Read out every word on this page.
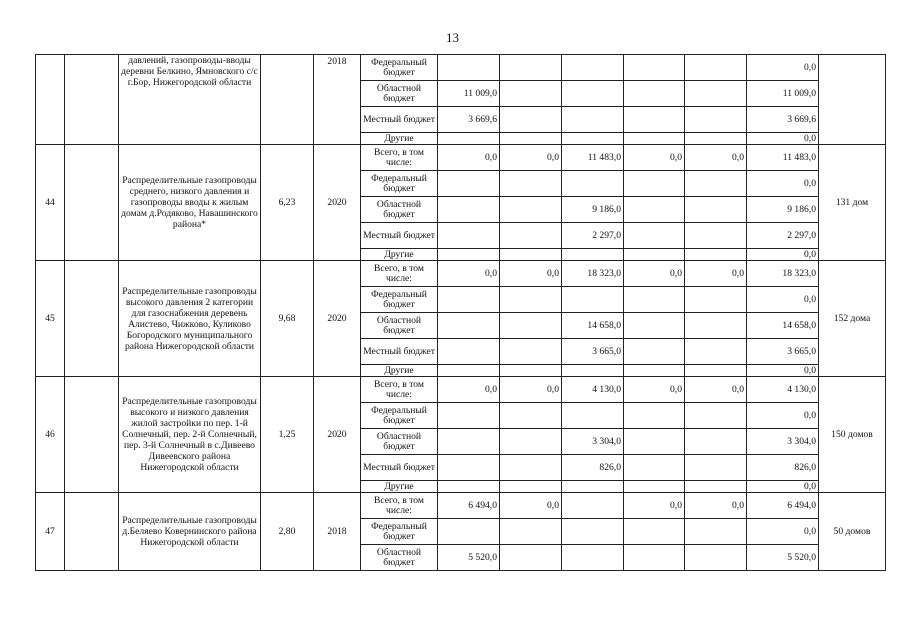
13
		давлений, газопроводы-вводы деревни Белкино, Ямновского с/с г.Бор, Нижегородской области		2018	Федеральный бюджет						0,0	
					Областной бюджет	11 009,0					11 009,0	
					Местный бюджет	3 669,6					3 669,6	
					Другие						0,0	
44		Распределительные газопроводы среднего, низкого давления и газопроводы вводы к жилым домам д.Родяково, Навашинского района*	6,23	2020	Всего, в том числе:	0,0	0,0	11 483,0	0,0	0,0	11 483,0	131 дом
					Федеральный бюджет						0,0	
					Областной бюджет			9 186,0			9 186,0	
					Местный бюджет			2 297,0			2 297,0	
					Другие						0,0	
45		Распределительные газопроводы высокого давления 2 категории для газоснабжения деревень Алистево, Чижково, Куликово Богородского муниципального района Нижегородской области	9,68	2020	Всего, в том числе:	0,0	0,0	18 323,0	0,0	0,0	18 323,0	152 дома
					Федеральный бюджет						0,0	
					Областной бюджет			14 658,0			14 658,0	
					Местный бюджет			3 665,0			3 665,0	
					Другие						0,0	
46		Распределительные газопроводы высокого и низкого давления жилой застройки по пер. 1-й Солнечный, пер. 2-й Солнечный, пер. 3-й Солнечный в с.Дивеево Дивеевского района Нижегородской области	1,25	2020	Всего, в том числе:	0,0	0,0	4 130,0	0,0	0,0	4 130,0	150 домов
					Федеральный бюджет						0,0	
					Областной бюджет			3 304,0			3 304,0	
					Местный бюджет			826,0			826,0	
					Другие						0,0	
47		Распределительные газопроводы д.Беляево Ковернинского района Нижегородской области	2,80	2018	Всего, в том числе:	6 494,0	0,0		0,0	0,0	6 494,0	50 домов
					Федеральный бюджет						0,0	
					Областной бюджет	5 520,0					5 520,0	
